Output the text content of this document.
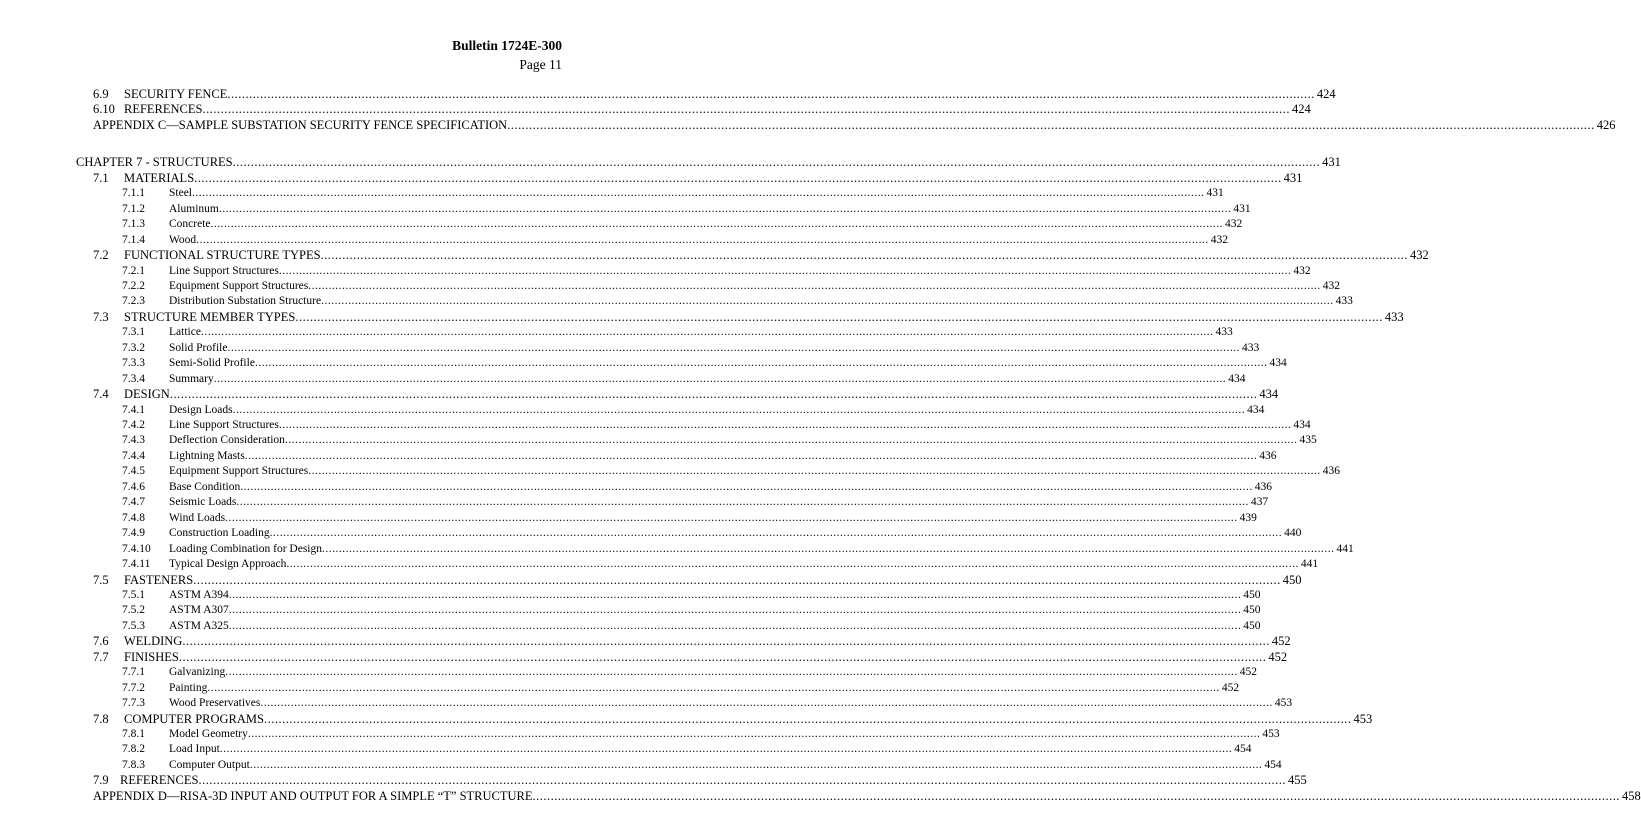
Bulletin 1724E-300
Page 11
6.9 SECURITY FENCE ............................................................................................................................................................................................................................................................................................................ 424
6.10 REFERENCES ............................................................................................................................................................................................................................................................................................................ 424
APPENDIX C—SAMPLE SUBSTATION SECURITY FENCE SPECIFICATION ............................................................................................................................................................................................................................................................................................................ 426
CHAPTER 7 - STRUCTURES ............................................................................................................................................................................................................................................................................................................ 431
7.1 MATERIALS ............................................................................................................................................................................................................................................................................................................ 431
7.1.1 Steel ............................................................................................................................................................................................................................................................................................................ 431
7.1.2 Aluminum ............................................................................................................................................................................................................................................................................................................ 431
7.1.3 Concrete ............................................................................................................................................................................................................................................................................................................ 432
7.1.4 Wood ............................................................................................................................................................................................................................................................................................................ 432
7.2 FUNCTIONAL STRUCTURE TYPES ............................................................................................................................................................................................................................................................................................................ 432
7.2.1 Line Support Structures ............................................................................................................................................................................................................................................................................................................ 432
7.2.2 Equipment Support Structures ............................................................................................................................................................................................................................................................................................................ 432
7.2.3 Distribution Substation Structure ............................................................................................................................................................................................................................................................................................................ 433
7.3 STRUCTURE MEMBER TYPES ............................................................................................................................................................................................................................................................................................................ 433
7.3.1 Lattice ............................................................................................................................................................................................................................................................................................................ 433
7.3.2 Solid Profile ............................................................................................................................................................................................................................................................................................................ 433
7.3.3 Semi-Solid Profile ............................................................................................................................................................................................................................................................................................................ 434
7.3.4 Summary ............................................................................................................................................................................................................................................................................................................ 434
7.4 DESIGN ............................................................................................................................................................................................................................................................................................................ 434
7.4.1 Design Loads ............................................................................................................................................................................................................................................................................................................ 434
7.4.2 Line Support Structures ............................................................................................................................................................................................................................................................................................................ 434
7.4.3 Deflection Consideration ............................................................................................................................................................................................................................................................................................................ 435
7.4.4 Lightning Masts ............................................................................................................................................................................................................................................................................................................ 436
7.4.5 Equipment Support Structures ............................................................................................................................................................................................................................................................................................................ 436
7.4.6 Base Condition ............................................................................................................................................................................................................................................................................................................ 436
7.4.7 Seismic Loads ............................................................................................................................................................................................................................................................................................................ 437
7.4.8 Wind Loads ............................................................................................................................................................................................................................................................................................................ 439
7.4.9 Construction Loading ............................................................................................................................................................................................................................................................................................................ 440
7.4.10 Loading Combination for Design ............................................................................................................................................................................................................................................................................................................ 441
7.4.11 Typical Design Approach ............................................................................................................................................................................................................................................................................................................ 441
7.5 FASTENERS ............................................................................................................................................................................................................................................................................................................ 450
7.5.1 ASTM A394 ............................................................................................................................................................................................................................................................................................................ 450
7.5.2 ASTM A307 ............................................................................................................................................................................................................................................................................................................ 450
7.5.3 ASTM A325 ............................................................................................................................................................................................................................................................................................................ 450
7.6 WELDING ............................................................................................................................................................................................................................................................................................................ 452
7.7 FINISHES ............................................................................................................................................................................................................................................................................................................ 452
7.7.1 Galvanizing ............................................................................................................................................................................................................................................................................................................ 452
7.7.2 Painting ............................................................................................................................................................................................................................................................................................................ 452
7.7.3 Wood Preservatives ............................................................................................................................................................................................................................................................................................................ 453
7.8 COMPUTER PROGRAMS ............................................................................................................................................................................................................................................................................................................ 453
7.8.1 Model Geometry ............................................................................................................................................................................................................................................................................................................ 453
7.8.2 Load Input ............................................................................................................................................................................................................................................................................................................ 454
7.8.3 Computer Output ............................................................................................................................................................................................................................................................................................................ 454
7.9 REFERENCES ............................................................................................................................................................................................................................................................................................................ 455
APPENDIX D—RISA-3D INPUT AND OUTPUT FOR A SIMPLE “T” STRUCTURE ............................................................................................................................................................................................................................................................................................................ 458
